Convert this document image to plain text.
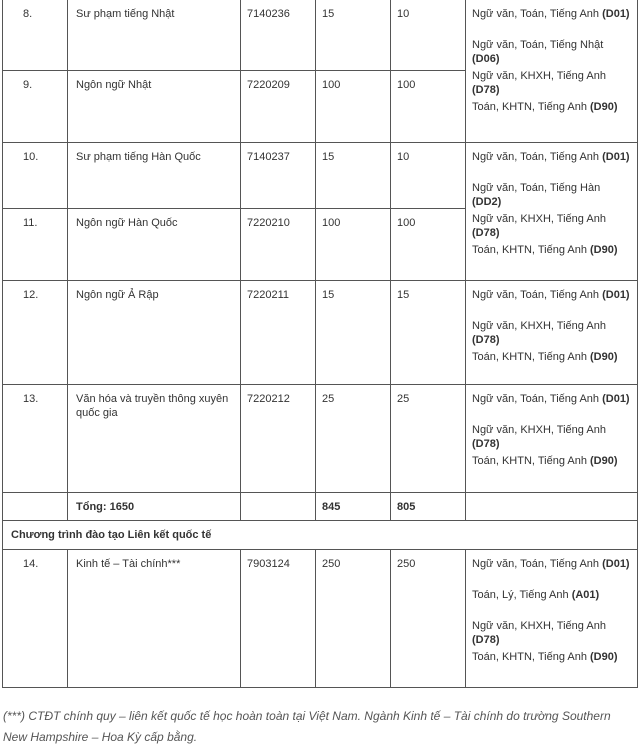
8.	Sư phạm tiếng Nhật	7140236	15	10	Ngữ văn, Toán, Tiếng Anh (D01)
Ngữ văn, Toán, Tiếng Nhật (D06)
Ngữ văn, KHXH, Tiếng Anh (D78)
Toán, KHTN, Tiếng Anh (D90)

9.	Ngôn ngữ Nhật	7220209	100	100	
10.	Sư phạm tiếng Hàn Quốc	7140237	15	10	Ngữ văn, Toán, Tiếng Anh (D01)
Ngữ văn, Toán, Tiếng Hàn (DD2)
Ngữ văn, KHXH, Tiếng Anh (D78)
Toán, KHTN, Tiếng Anh (D90)

11.	Ngôn ngữ Hàn Quốc	7220210	100	100	
12.	Ngôn ngữ Ả Rập	7220211	15	15	Ngữ văn, Toán, Tiếng Anh (D01)
Ngữ văn, KHXH, Tiếng Anh (D78)
Toán, KHTN, Tiếng Anh (D90)

13.	Văn hóa và truyền thông xuyên quốc gia	7220212	25	25	Ngữ văn, Toán, Tiếng Anh (D01)
Ngữ văn, KHXH, Tiếng Anh (D78)
Toán, KHTN, Tiếng Anh (D90)

	Tổng: 1650		845	805	
Chương trình đào tạo Liên kết quốc tế					
14.	Kinh tế – Tài chính***	7903124	250	250	Ngữ văn, Toán, Tiếng Anh (D01)
Toán, Lý, Tiếng Anh (A01)
Ngữ văn, KHXH, Tiếng Anh (D78)
Toán, KHTN, Tiếng Anh (D90)
(***) CTĐT chính quy – liên kết quốc tế học hoàn toàn tại Việt Nam. Ngành Kinh tế – Tài chính do trường Southern New Hampshire – Hoa Kỳ cấp bằng.
